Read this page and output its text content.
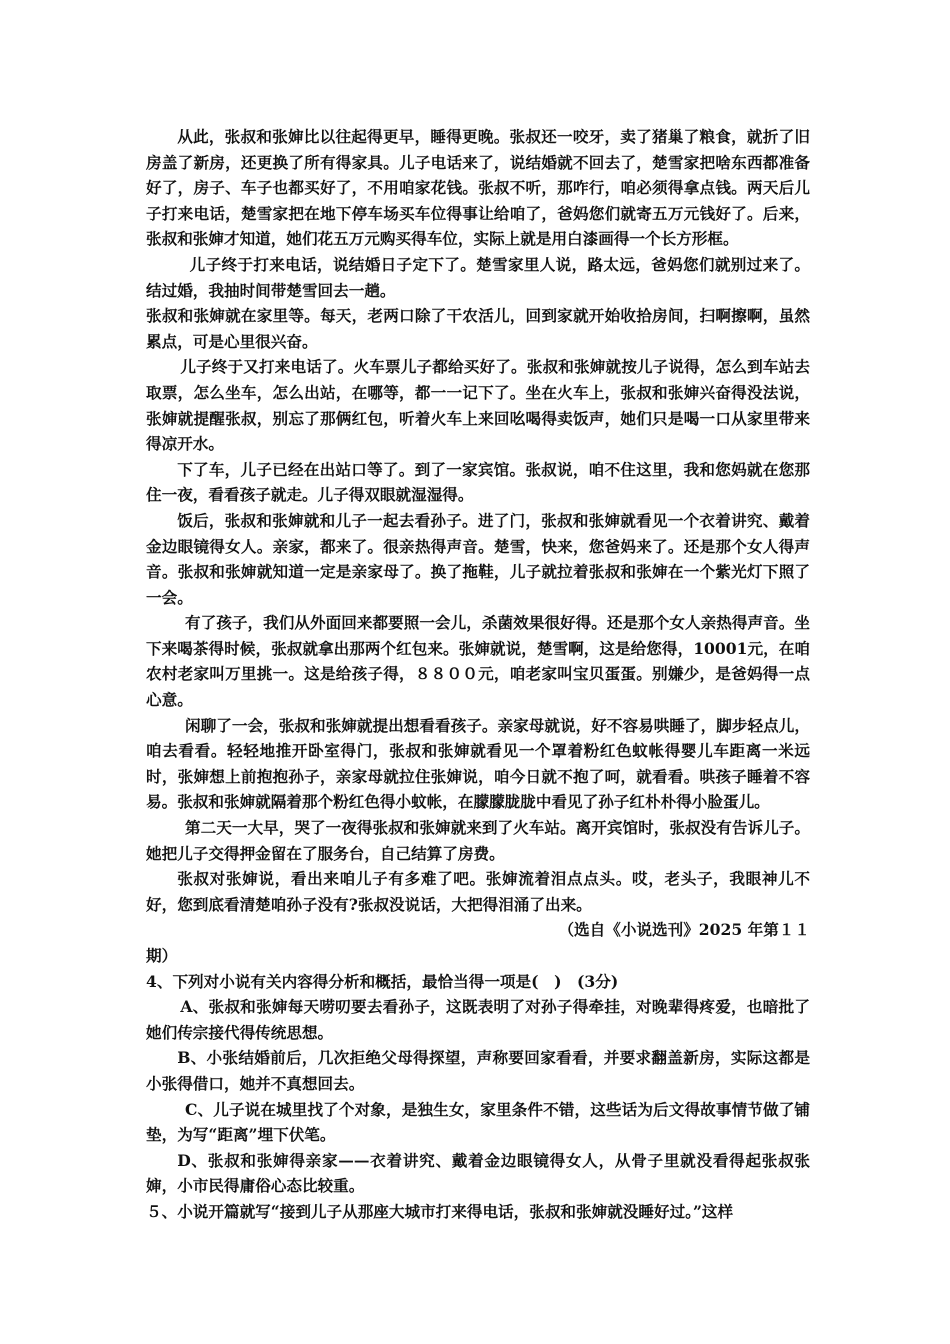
从此，张叔和张婶比以往起得更早，睡得更晚。张叔还一咬牙，卖了猪巢了粮食，就折了旧房盖了新房，还更换了所有得家具。儿子电话来了，说结婚就不回去了，楚雪家把啥东西都准备好了，房子、车子也都买好了，不用咱家花钱。张叔不听，那咋行，咱必须得拿点钱。两天后儿子打来电话，楚雪家把在地下停车场买车位得事让给咱了，爸妈您们就寄五万元钱好了。后来，张叔和张婶才知道，她们花五万元购买得车位，实际上就是用白漆画得一个长方形框。

儿子终于打来电话，说结婚日子定下了。楚雪家里人说，路太远，爸妈您们就别过来了。结过婚，我抽时间带楚雪回去一趟。

张叔和张婶就在家里等。每天，老两口除了干农活儿，回到家就开始收拾房间，扫啊擦啊，虽然累点，可是心里很兴奋。

儿子终于又打来电话了。火车票儿子都给买好了。张叔和张婶就按儿子说得，怎么到车站去取票，怎么坐车，怎么出站，在哪等，都一一记下了。坐在火车上，张叔和张婶兴奋得没法说，张婶就提醒张叔，别忘了那俩红包，听着火车上来回吆喝得卖饭声，她们只是喝一口从家里带来得凉开水。

下了车，儿子已经在出站口等了。到了一家宾馆。张叔说，咱不住这里，我和您妈就在您那住一夜，看看孩子就走。儿子得双眼就湿湿得。

饭后，张叔和张婶就和儿子一起去看孙子。进了门，张叔和张婶就看见一个衣着讲究、戴着金边眼镜得女人。亲家，都来了。很亲热得声音。楚雪，快来，您爸妈来了。还是那个女人得声音。张叔和张婶就知道一定是亲家母了。换了拖鞋，儿子就拉着张叔和张婶在一个紫光灯下照了一会。

有了孩子，我们从外面回来都要照一会儿，杀菌效果很好得。还是那个女人亲热得声音。坐下来喝茶得时候，张叔就拿出那两个红包来。张婶就说，楚雪啊，这是给您得，10001元，在咱农村老家叫万里挑一。这是给孩子得，８８００元，咱老家叫宝贝蛋蛋。别嫌少，是爸妈得一点心意。

闲聊了一会，张叔和张婶就提出想看看孩子。亲家母就说，好不容易哄睡了，脚步轻点儿，咱去看看。轻轻地推开卧室得门，张叔和张婶就看见一个罩着粉红色蚊帐得婴儿车距离一米远时，张婶想上前抱抱孙子，亲家母就拉住张婶说，咱今日就不抱了呵，就看看。哄孩子睡着不容易。张叔和张婶就隔着那个粉红色得小蚊帐，在朦朦胧胧中看见了孙子红朴朴得小脸蛋儿。

第二天一大早，哭了一夜得张叔和张婶就来到了火车站。离开宾馆时，张叔没有告诉儿子。她把儿子交得押金留在了服务台，自己结算了房费。

张叔对张婶说，看出来咱儿子有多难了吧。张婶流着泪点点头。哎，老头子，我眼神儿不好，您到底看清楚咱孙子没有?张叔没说话，大把得泪涌了出来。

（选自《小说选刊》2025 年第１１

期）

4、下列对小说有关内容得分析和概括，最恰当得一项是(　)　(3分)

A、张叔和张婶每天唠叨要去看孙子，这既表明了对孙子得牵挂，对晚辈得疼爱，也暗批了她们传宗接代得传统思想。

B、小张结婚前后，几次拒绝父母得探望，声称要回家看看，并要求翻盖新房，实际这都是小张得借口，她并不真想回去。

C、儿子说在城里找了个对象，是独生女，家里条件不错，这些话为后文得故事情节做了铺垫，为写“距离”埋下伏笔。

D、张叔和张婶得亲家——衣着讲究、戴着金边眼镜得女人，从骨子里就没看得起张叔张婶，小市民得庸俗心态比较重。

５、小说开篇就写“接到儿子从那座大城市打来得电话，张叔和张婶就没睡好过。”这样
